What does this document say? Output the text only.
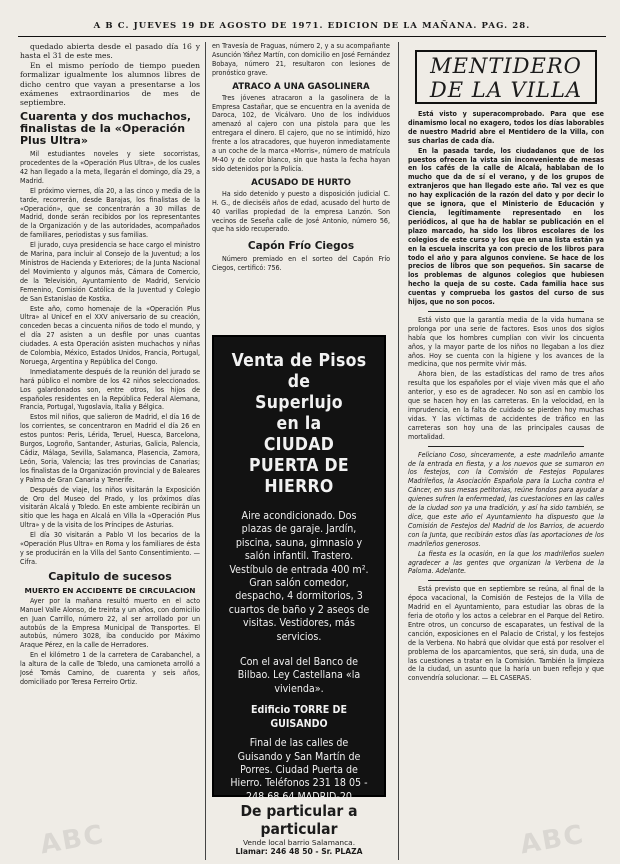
A B C. JUEVES 19 DE AGOSTO DE 1971. EDICION DE LA MAÑANA. PAG. 28.

quedado abierta desde el pasado día 16 y hasta el 31 de este mes.

En el mismo período de tiempo pueden formalizar igualmente los alumnos libres de dicho centro que vayan a presentarse a los exámenes extraordinarios de mes de septiembre.

Cuarenta y dos muchachos, finalistas de la «Operación Plus Ultra»

Mil estudiantes noveles y siete socorristas, procedentes de la «Operación Plus Ultra», de los cuales 42 han llegado a la meta, llegarán el domingo, día 29, a Madrid.

El próximo viernes, día 20, a las cinco y media de la tarde, recorrerán, desde Barajas, los finalistas de la «Operación», que se concentrarán a 30 millas de Madrid, donde serán recibidos por los representantes de la Organización y de las autoridades, acompañados de familiares, periodistas y sus familias.

El jurado, cuya presidencia se hace cargo el ministro de Marina, para incluir al Consejo de la Juventud; a los Ministros de Hacienda y Exteriores; de la Junta Nacional del Movimiento y algunos más, Cámara de Comercio, de la Televisión, Ayuntamiento de Madrid, Servicio Femenino, Comisión Católica de la Juventud y Colegio de San Estanislao de Kostka.

Este año, como homenaje de la «Operación Plus Ultra» al Unicef en el XXV aniversario de su creación, conceden becas a cincuenta niños de todo el mundo, y el día 27 asisten a un desfile por unas cuantas ciudades. A esta Operación asisten muchachos y niñas de Colombia, México, Estados Unidos, Francia, Portugal, Noruega, Argentina y República del Congo.

Inmediatamente después de la reunión del jurado se hará público el nombre de los 42 niños seleccionados. Los galardonados son, entre otros, los hijos de españoles residentes en la República Federal Alemana, Francia, Portugal, Yugoslavia, Italia y Bélgica.

Estos mil niños, que salieron de Madrid, el día 16 de los corrientes, se concentraron en Madrid el día 26 en estos puntos: Peris, Lérida, Teruel, Huesca, Barcelona, Burgos, Logroño, Santander, Asturias, Galicia, Palencia, Cádiz, Málaga, Sevilla, Salamanca, Plasencia, Zamora, León, Soria, Valencia; las tres provincias de Canarias; los finalistas de la Organización provincial y de Baleares y Palma de Gran Canaria y Tenerife.

Después de viaje, los niños visitarán la Exposición de Oro del Museo del Prado, y los próximos días visitarán Alcalá y Toledo. En este ambiente recibirán un sitio que les haga en Alcalá en Villa la «Operación Plus Ultra» y de la visita de los Príncipes de Asturias.

El día 30 visitarán a Pablo VI los becarios de la «Operación Plus Ultra» en Roma y los familiares de ésta y se producirán en la Villa del Santo Consentimiento. —Cifra.

Capitulo de sucesos
MUERTO EN ACCIDENTE DE CIRCULACION

Ayer por la mañana resultó muerto en el acto Manuel Valle Alonso, de treinta y un años, con domicilio en Juan Carrillo, número 22, al ser arrollado por un autobús de la Empresa Municipal de Transportes. El autobús, número 3028, iba conducido por Máximo Araque Pérez, en la calle de Herradores.

En el kilómetro 1 de la carretera de Carabanchel, a la altura de la calle de Toledo, una camioneta arrolló a José Tomás Camino, de cuarenta y seis años, domiciliado por Teresa Ferreiro Ortiz.

en Travesía de Fraguas, número 2, y a su acompañante Asunción Yáñez Martín, con domicilio en José Fernández Bobaya, número 21, resultaron con lesiones de pronóstico grave.

ATRACO A UNA GASOLINERA

Tres jóvenes atracaron a la gasolinera de la Empresa Castañar, que se encuentra en la avenida de Daroca, 102, de Vicálvaro. Uno de los individuos amenazó al cajero con una pistola para que les entregara el dinero. El cajero, que no se intimidó, hizo frente a los atracadores, que huyeron inmediatamente a un coche de la marca «Morris», número de matrícula M-40 y de color blanco, sin que hasta la fecha hayan sido detenidos por la Policía.

ACUSADO DE HURTO

Ha sido detenido y puesto a disposición judicial C. H. G., de dieciséis años de edad, acusado del hurto de 40 varillas propiedad de la empresa Lanzón. Son vecinos de Seseña calle de José Antonio, número 56, que ha sido recuperado.

Capón Frío Ciegos

Número premiado en el sorteo del Capón Frío Ciegos, certificó: 756.

Venta de Pisos de
Superlujo
en la
CIUDAD
PUERTA DE HIERRO
Aire acondicionado. Dos plazas de garaje. Jardín, piscina, sauna, gimnasio y salón infantil. Trastero. Vestíbulo de entrada 400 m². Gran salón comedor, despacho, 4 dormitorios, 3 cuartos de baño y 2 aseos de visitas. Vestidores, más servicios.
Con el aval del Banco de Bilbao. Ley Castellana «la vivienda».
Edificio TORRE DE GUISANDO
Final de las calles de Guisando y San Martín de Porres. Ciudad Puerta de Hierro. Teléfonos 231 18 05 - 248 68 64 MADRID-20
De particular a particular
Vende local barrio Salamanca.
Llamar: 246 48 50 - Sr. PLAZA
MENTIDERO
DE LA VILLA

Está visto y superacomprobado. Para que ese dinamismo local no exagero, todos los días laborables de nuestro Madrid abre el Mentidero de la Villa, con sus charlas de cada día.

En la pasada tarde, los ciudadanos que de los puestos ofrecen la vista sin inconveniente de mesas en los cafés de la calle de Alcalá, hablaban de lo mucho que da de sí el verano, y de los grupos de extranjeros que han llegado este año. Tal vez es que no hay explicación de la razón del dato y por decir lo que se ignora, que el Ministerio de Educación y Ciencia, legítimamente representado en los periódicos, al que ha de hablar se publicación en el plazo marcado, ha sido los libros escolares de los colegios de este curso y los que en una lista están ya en la escuela inscrita ya con precio de los libros para todo el año y para algunos conviene. Se hace de los precios de libros que son pequeños. Sin sacarse de los problemas de algunos colegios que hubiesen hecho la queja de su coste. Cada familia hace sus cuentas y comprueba los gastos del curso de sus hijos, que no son pocos.

Está visto que la garantía media de la vida humana se prolonga por una serie de factores. Esos unos dos siglos había que los hombres cumplían con vivir los cincuenta años, y la mayor parte de los niños no llegaban a los diez años. Hoy se cuenta con la higiene y los avances de la medicina, que nos permite vivir más.

Ahora bien, de las estadísticas del ramo de tres años resulta que los españoles por el viaje viven más que el año anterior, y eso es de agradecer. No son así en cambio los que se hacen hoy en las carreteras. En la velocidad, en la imprudencia, en la falta de cuidado se pierden hoy muchas vidas. Y las víctimas de accidentes de tráfico en las carreteras son hoy una de las principales causas de mortalidad.

Feliciano Coso, sinceramente, a este madrileño amante de la entrada en fiesta, y a los nuevos que se sumaron en los festejos, con la Comisión de Festejos Populares Madrileños, la Asociación Española para la Lucha contra el Cáncer, en sus mesas petitorias, reúne fondos para ayudar a quienes sufren la enfermedad, las cuestaciones en las calles de la ciudad son ya una tradición, y así ha sido también, se dice, que este año el Ayuntamiento ha dispuesto que la Comisión de Festejos del Madrid de los Barrios, de acuerdo con la Junta, que recibirán estos días las aportaciones de los madrileños generosos.

La fiesta es la ocasión, en la que los madrileños suelen agradecer a las gentes que organizan la Verbena de la Paloma. Adelante.

Está previsto que en septiembre se reúna, al final de la época vacacional, la Comisión de Festejos de la Villa de Madrid en el Ayuntamiento, para estudiar las obras de la feria de otoño y los actos a celebrar en el Parque del Retiro. Entre otros, un concurso de escaparates, un festival de la canción, exposiciones en el Palacio de Cristal, y los festejos de la Verbena. No habrá que olvidar que está por resolver el problema de los aparcamientos, que será, sin duda, una de las cuestiones a tratar en la Comisión. También la limpieza de la ciudad, un asunto que la haría un buen reflejo y que convendría solucionar. — EL CASERAS.

ABC	ABC
